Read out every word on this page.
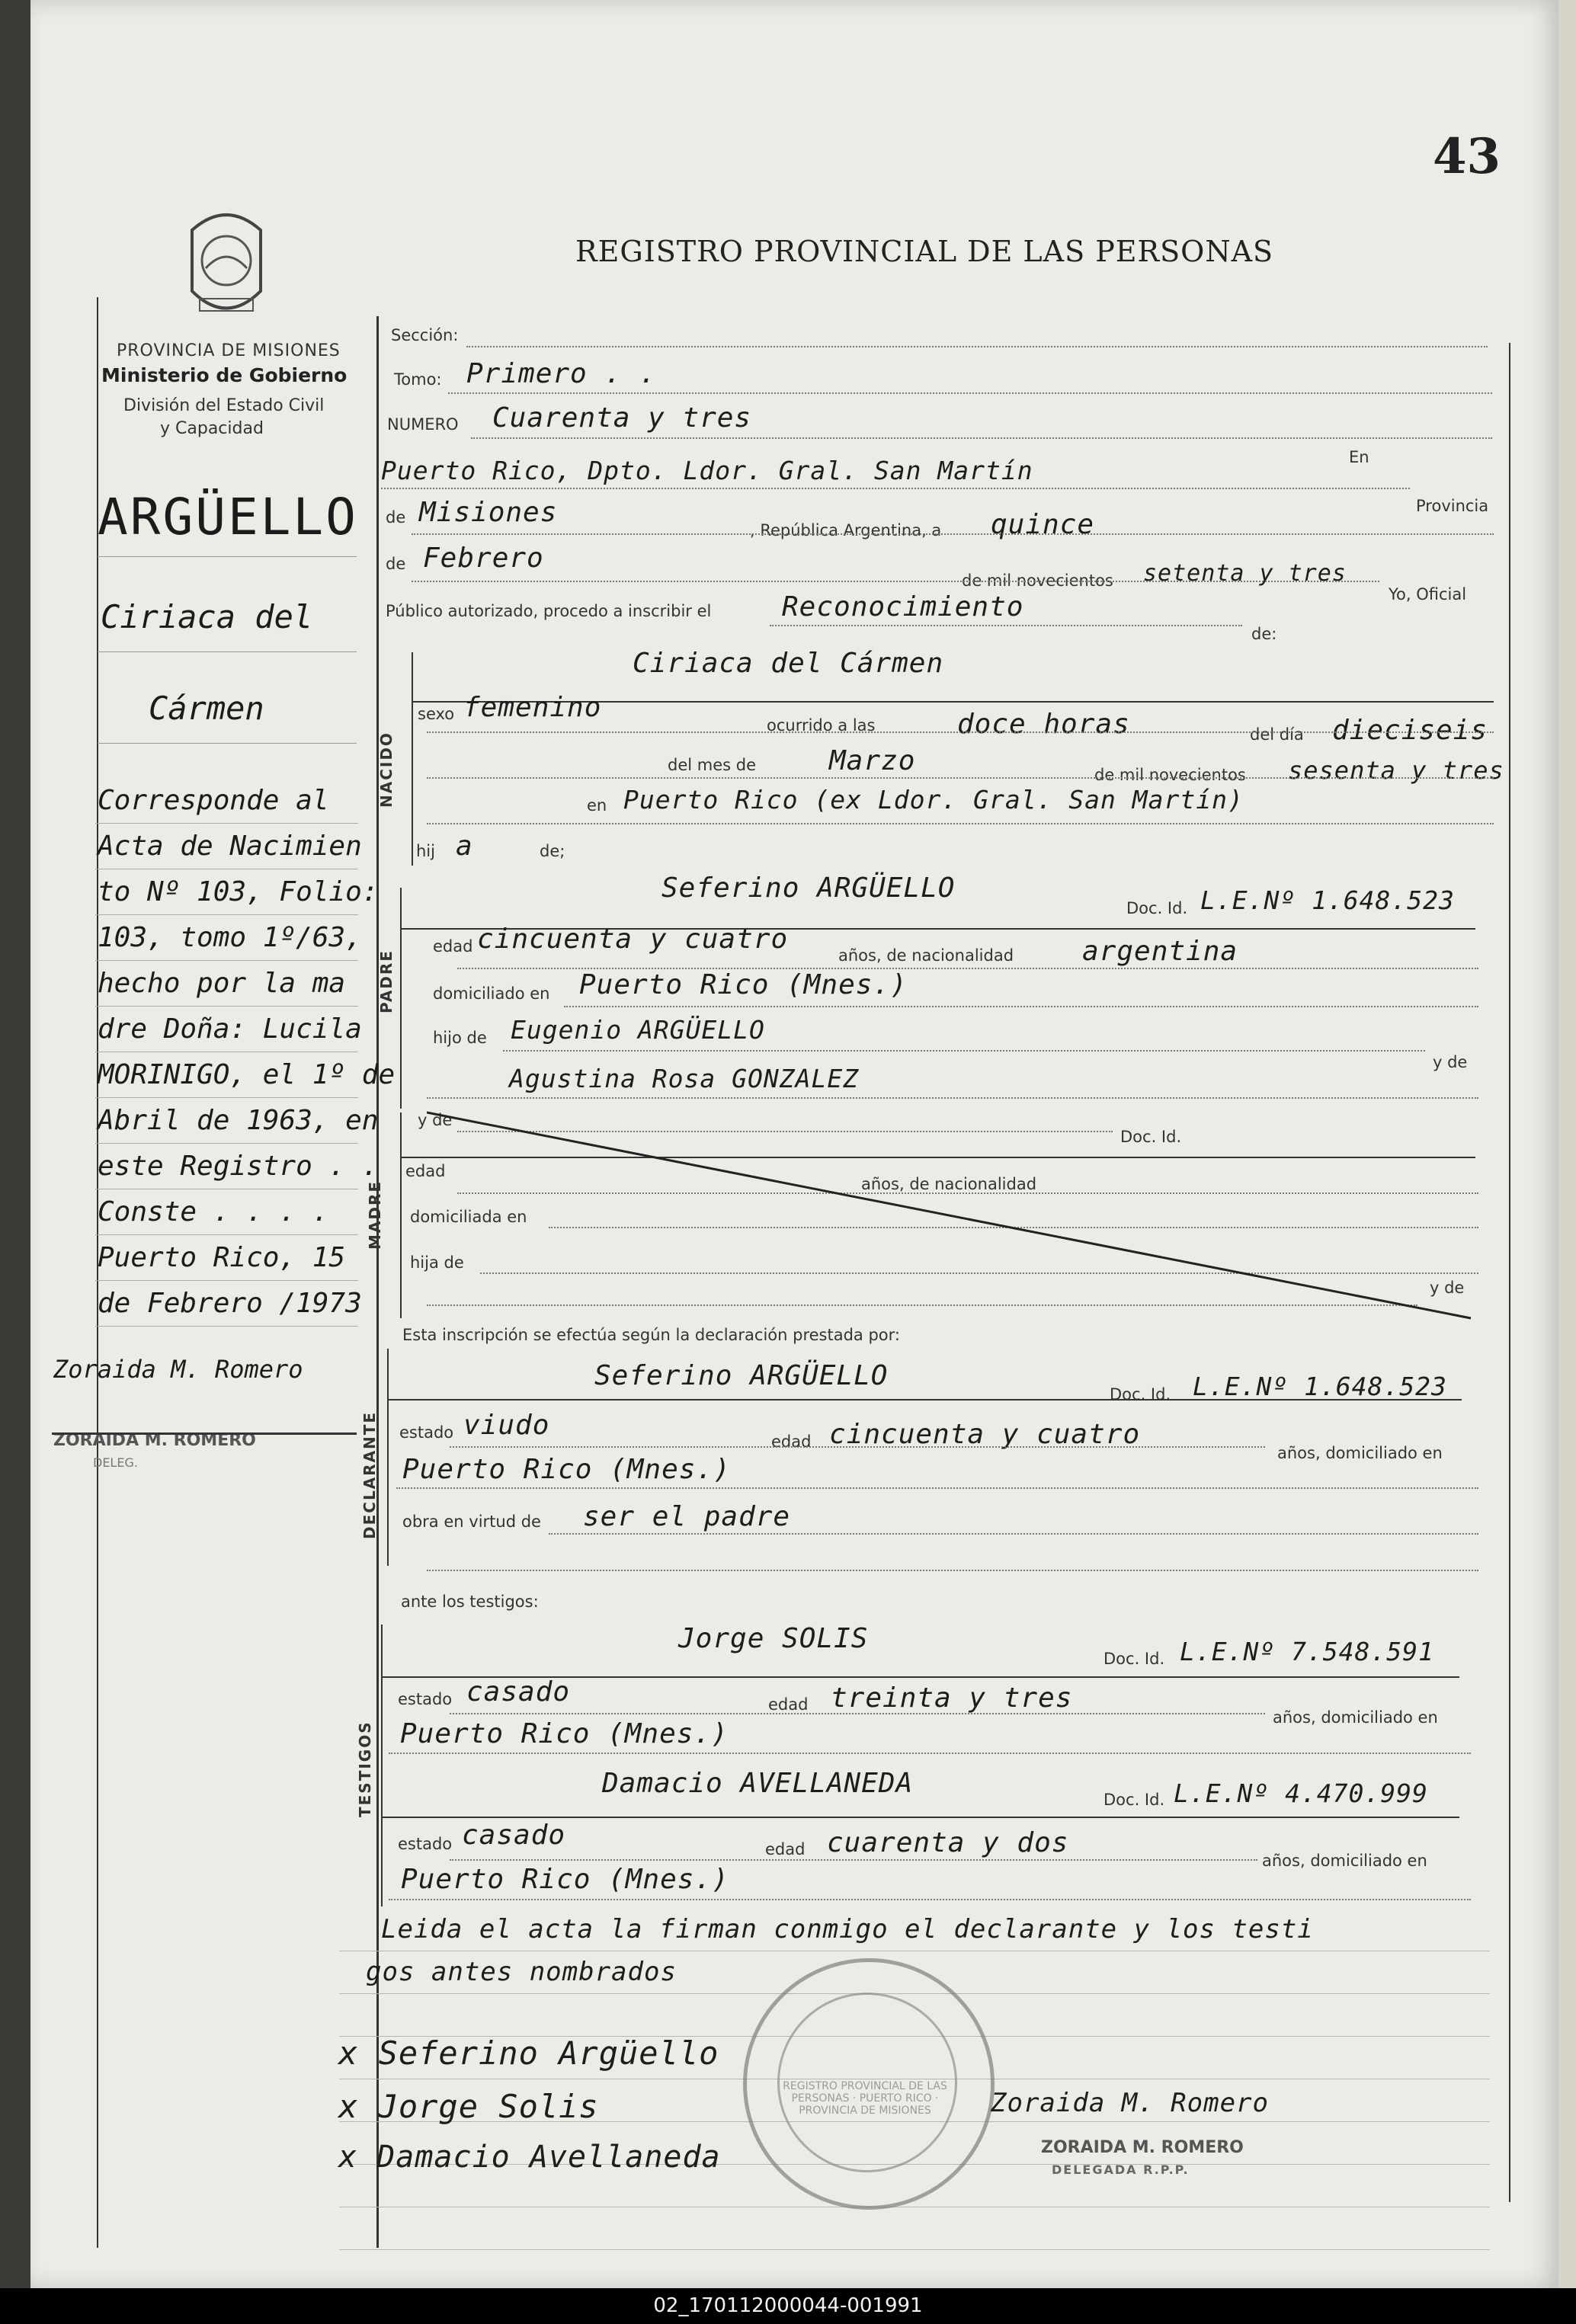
43
PROVINCIA DE MISIONES
Ministerio de Gobierno
División del Estado Civil
y Capacidad
REGISTRO PROVINCIAL DE LAS PERSONAS
ARGÜELLO
Ciriaca del
Cármen
Corresponde al
Acta de Nacimien
to Nº 103, Folio:
103, tomo 1º/63,
hecho por la ma
dre Doña: Lucila
MORINIGO, el 1º de
Abril de 1963, en
este Registro . .
Conste . . . .
Puerto Rico, 15
de Febrero /1973
Zoraida M. Romero
ZORAIDA M. ROMERO
DELEG.
Sección:
Tomo: Primero . .
NUMERO Cuarenta y tres
En
Puerto Rico, Dpto. Ldor. Gral. San Martín
Provincia
de Misiones
, República Argentina, a quince
de Febrero
de mil novecientos setenta y tres
Yo, Oficial
Público autorizado, procedo a inscribir el	Reconocimiento
de:
NACIDO
Ciriaca del Cármen
sexo femenino
ocurrido a las	doce horas	del día dieciseis
del mes de	Marzo	de mil novecientos sesenta y tres
en Puerto Rico (ex Ldor. Gral. San Martín)
hij a	de;
PADRE
Seferino ARGÜELLO
Doc. Id. L.E.Nº 1.648.523
edad cincuenta y cuatro
años, de nacionalidad argentina
domiciliado en Puerto Rico (Mnes.)
hijo de Eugenio ARGÜELLO
y de
Agustina Rosa GONZALEZ
MADRE
y de
Doc. Id.
edad
años, de nacionalidad
domiciliada en
hija de
y de
Esta inscripción se efectúa según la declaración prestada por:
DECLARANTE
Seferino ARGÜELLO
Doc. Id. L.E.Nº 1.648.523
estado viudo
edad cincuenta y cuatro
años, domiciliado en
Puerto Rico (Mnes.)
obra en virtud de ser el padre
ante los testigos:
TESTIGOS
Jorge SOLIS
Doc. Id. L.E.Nº 7.548.591
estado casado	edad treinta y tres
años, domiciliado en
Puerto Rico (Mnes.)
Damacio AVELLANEDA
Doc. Id. L.E.Nº 4.470.999
estado casado	edad cuarenta y dos
años, domiciliado en
Puerto Rico (Mnes.)
Leida el acta la firman conmigo el declarante y los testi
gos antes nombrados
REGISTRO PROVINCIAL DE LAS PERSONAS · PUERTO RICO · PROVINCIA DE MISIONES
x Seferino Argüello
x Jorge Solis
x Damacio Avellaneda
Zoraida M. Romero
ZORAIDA M. ROMERO
DELEGADA R.P.P.
02_170112000044-001991
